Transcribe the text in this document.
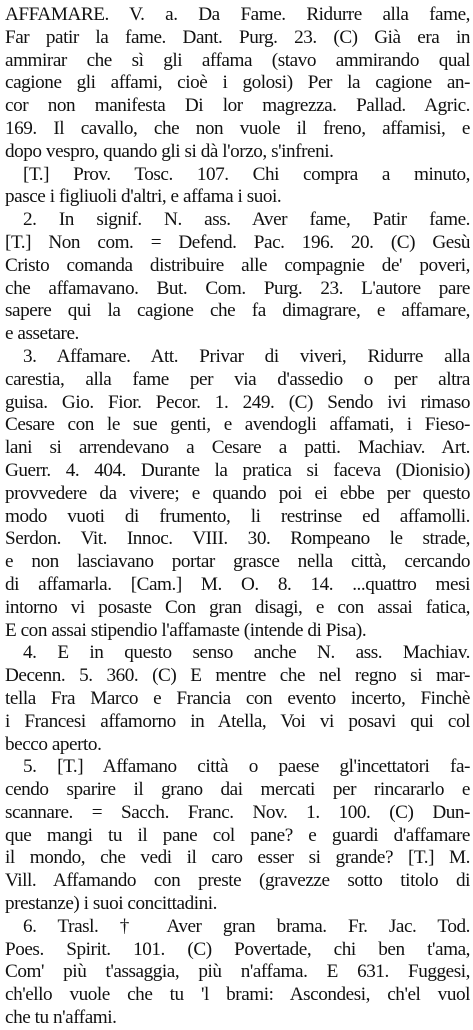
AFFAMARE. V. a. Da Fame. Ridurre alla fame,
Far patir la fame. Dant. Purg. 23. (C) Già era in
ammirar che sì gli affama (stavo ammirando qual
cagione gli affami, cioè i golosi) Per la cagione an-
cor non manifesta Di lor magrezza. Pallad. Agric.
169. Il cavallo, che non vuole il freno, affamisi, e
dopo vespro, quando gli si dà l'orzo, s'infreni.
[T.] Prov. Tosc. 107. Chi compra a minuto,
pasce i figliuoli d'altri, e affama i suoi.
2. In signif. N. ass. Aver fame, Patir fame.
[T.] Non com. = Defend. Pac. 196. 20. (C) Gesù
Cristo comanda distribuire alle compagnie de' poveri,
che affamavano. But. Com. Purg. 23. L'autore pare
sapere qui la cagione che fa dimagrare, e affamare,
e assetare.
3. Affamare. Att. Privar di viveri, Ridurre alla
carestia, alla fame per via d'assedio o per altra
guisa. Gio. Fior. Pecor. 1. 249. (C) Sendo ivi rimaso
Cesare con le sue genti, e avendogli affamati, i Fieso-
lani si arrendevano a Cesare a patti. Machiav. Art.
Guerr. 4. 404. Durante la pratica si faceva (Dionisio)
provvedere da vivere; e quando poi ei ebbe per questo
modo vuoti di frumento, li restrinse ed affamolli.
Serdon. Vit. Innoc. VIII. 30. Rompeano le strade,
e non lasciavano portar grasce nella città, cercando
di affamarla. [Cam.] M. O. 8. 14. ...quattro mesi
intorno vi posaste Con gran disagi, e con assai fatica,
E con assai stipendio l'affamaste (intende di Pisa).
4. E in questo senso anche N. ass. Machiav.
Decenn. 5. 360. (C) E mentre che nel regno si mar-
tella Fra Marco e Francia con evento incerto, Finchè
i Francesi affamorno in Atella, Voi vi posavi qui col
becco aperto.
5. [T.] Affamano città o paese gl'incettatori fa-
cendo sparire il grano dai mercati per rincararlo e
scannare. = Sacch. Franc. Nov. 1. 100. (C) Dun-
que mangi tu il pane col pane? e guardi d'affamare
il mondo, che vedi il caro esser si grande? [T.] M.
Vill. Affamando con preste (gravezze sotto titolo di
prestanze) i suoi concittadini.
6. Trasl. † Aver gran brama. Fr. Jac. Tod.
Poes. Spirit. 101. (C) Povertade, chi ben t'ama,
Com' più t'assaggia, più n'affama. E 631. Fuggesi,
ch'ello vuole che tu 'l brami: Ascondesi, ch'el vuol
che tu n'affami.
